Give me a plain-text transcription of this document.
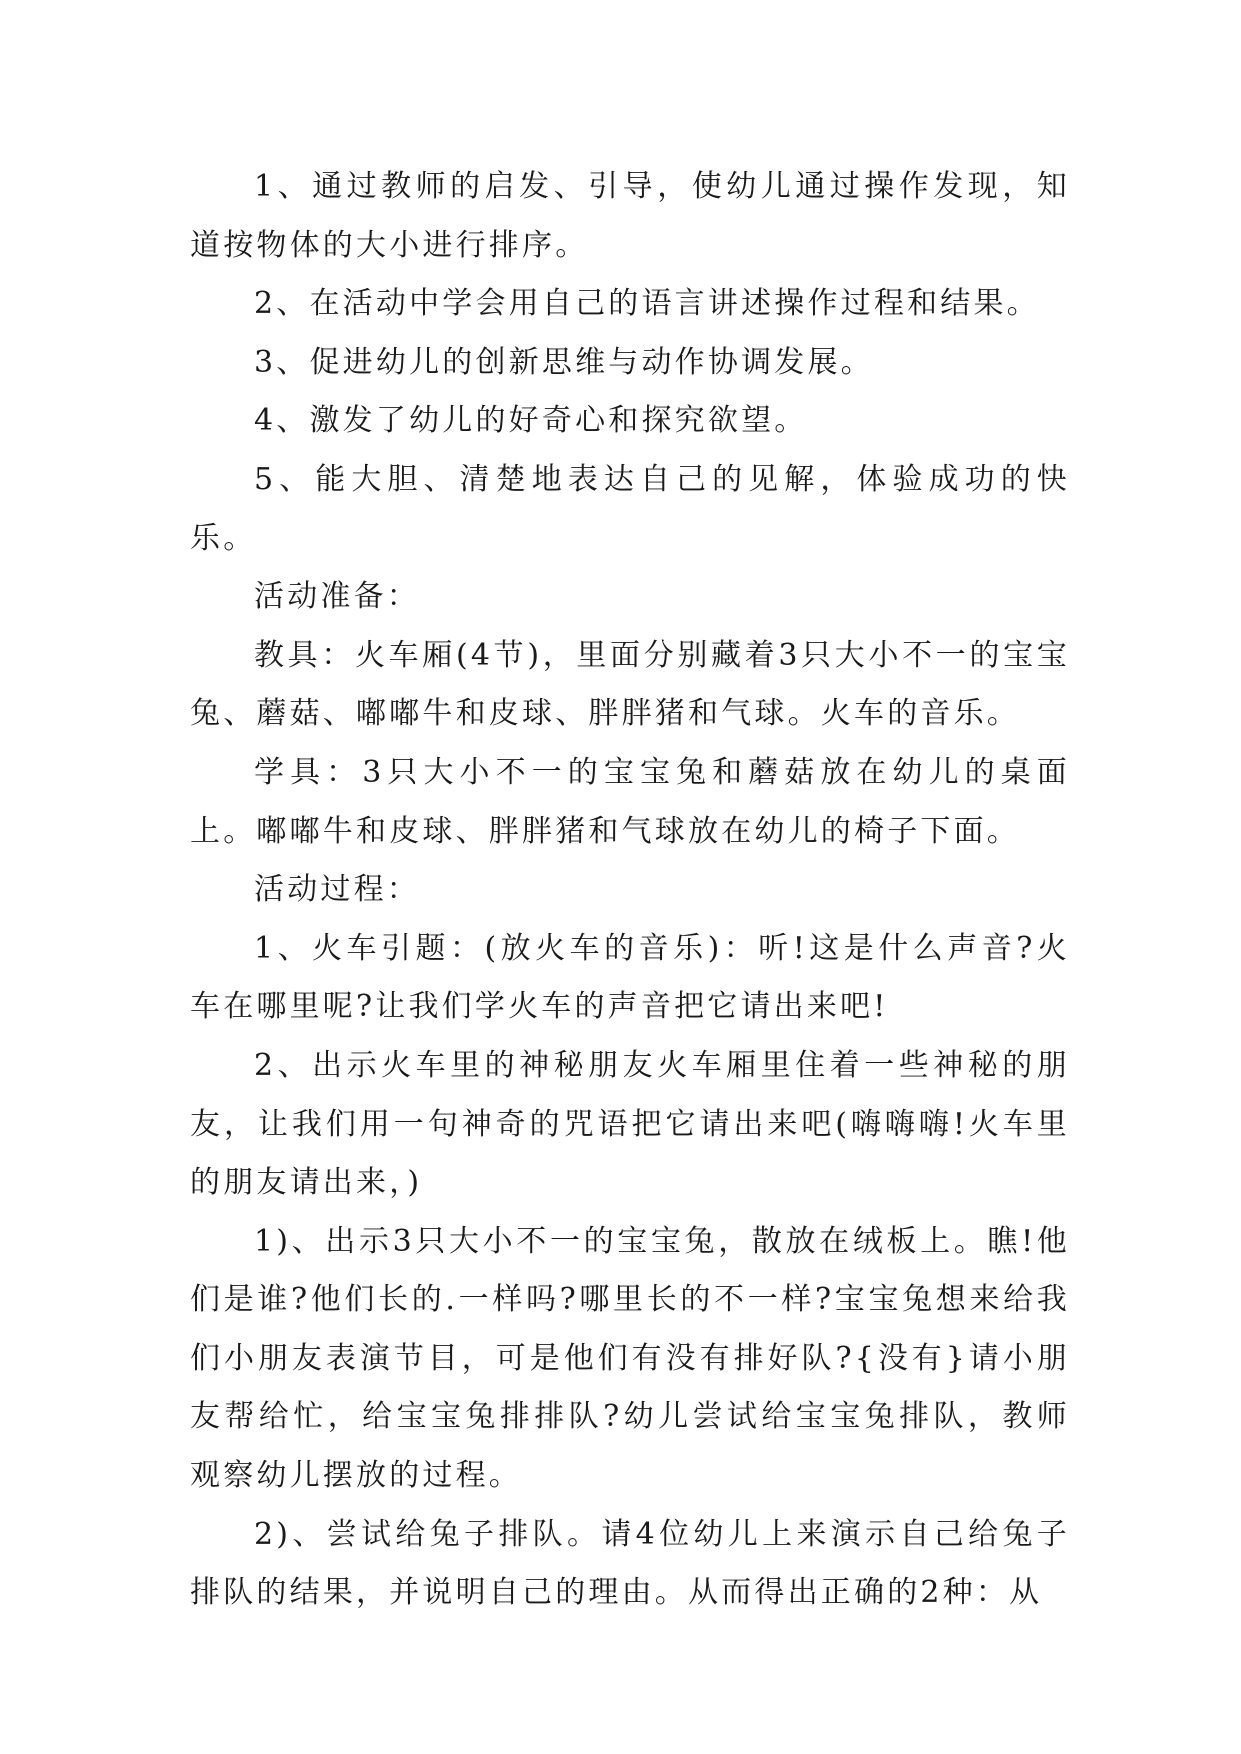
1、通过教师的启发、引导，使幼儿通过操作发现，知道按物体的大小进行排序。

2、在活动中学会用自己的语言讲述操作过程和结果。

3、促进幼儿的创新思维与动作协调发展。

4、激发了幼儿的好奇心和探究欲望。

5、能大胆、清楚地表达自己的见解，体验成功的快乐。

活动准备：

教具：火车厢(4节)，里面分别藏着3只大小不一的宝宝兔、蘑菇、嘟嘟牛和皮球、胖胖猪和气球。火车的音乐。

学具：3只大小不一的宝宝兔和蘑菇放在幼儿的桌面上。嘟嘟牛和皮球、胖胖猪和气球放在幼儿的椅子下面。

活动过程：

1、火车引题：(放火车的音乐)：听!这是什么声音?火车在哪里呢?让我们学火车的声音把它请出来吧!

2、出示火车里的神秘朋友火车厢里住着一些神秘的朋友，让我们用一句神奇的咒语把它请出来吧(嗨嗨嗨!火车里的朋友请出来，)

1)、出示3只大小不一的宝宝兔，散放在绒板上。瞧!他们是谁?他们长的.一样吗?哪里长的不一样?宝宝兔想来给我们小朋友表演节目，可是他们有没有排好队?{没有}请小朋友帮给忙，给宝宝兔排排队?幼儿尝试给宝宝兔排队，教师观察幼儿摆放的过程。

2)、尝试给兔子排队。请4位幼儿上来演示自己给兔子排队的结果，并说明自己的理由。从而得出正确的2种：从
